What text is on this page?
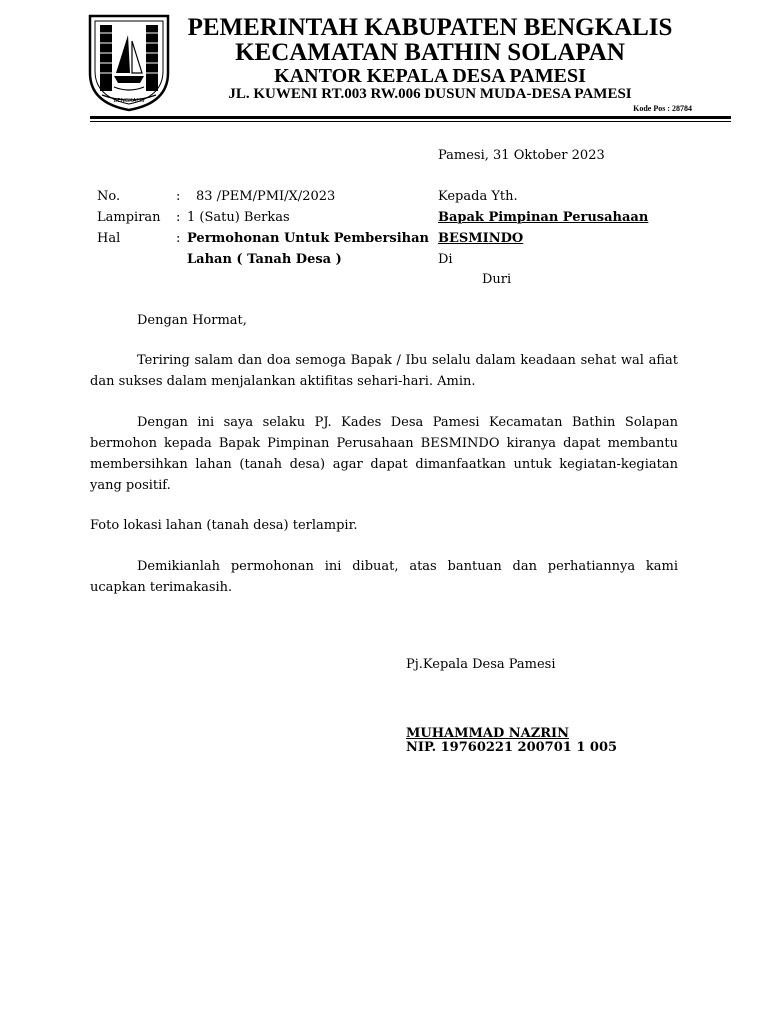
BENGKALIS
PEMERINTAH KABUPATEN BENGKALIS
KECAMATAN BATHIN SOLAPAN
KANTOR KEPALA DESA PAMESI
JL. KUWENI RT.003 RW.006 DUSUN MUDA-DESA PAMESI
Kode Pos : 28784
Pamesi, 31 Oktober 2023
No.	: 83 /PEM/PMI/X/2023
Lampiran : 1 (Satu) Berkas
Hal	: Permohonan Untuk Pembersihan
Lahan ( Tanah Desa )
Kepada Yth.
Bapak Pimpinan Perusahaan
BESMINDO
Di
Duri
Dengan Hormat,
Teriring salam dan doa semoga Bapak / Ibu selalu dalam keadaan sehat wal afiat dan sukses dalam menjalankan aktifitas sehari-hari. Amin.
Dengan ini saya selaku PJ. Kades Desa Pamesi Kecamatan Bathin Solapan bermohon kepada Bapak Pimpinan Perusahaan BESMINDO kiranya dapat membantu membersihkan lahan (tanah desa) agar dapat dimanfaatkan untuk kegiatan-kegiatan yang positif.
Foto lokasi lahan (tanah desa) terlampir.
Demikianlah permohonan ini dibuat, atas bantuan dan perhatiannya kami ucapkan terimakasih.
Pj.Kepala Desa Pamesi
MUHAMMAD NAZRIN
NIP. 19760221 200701 1 005
